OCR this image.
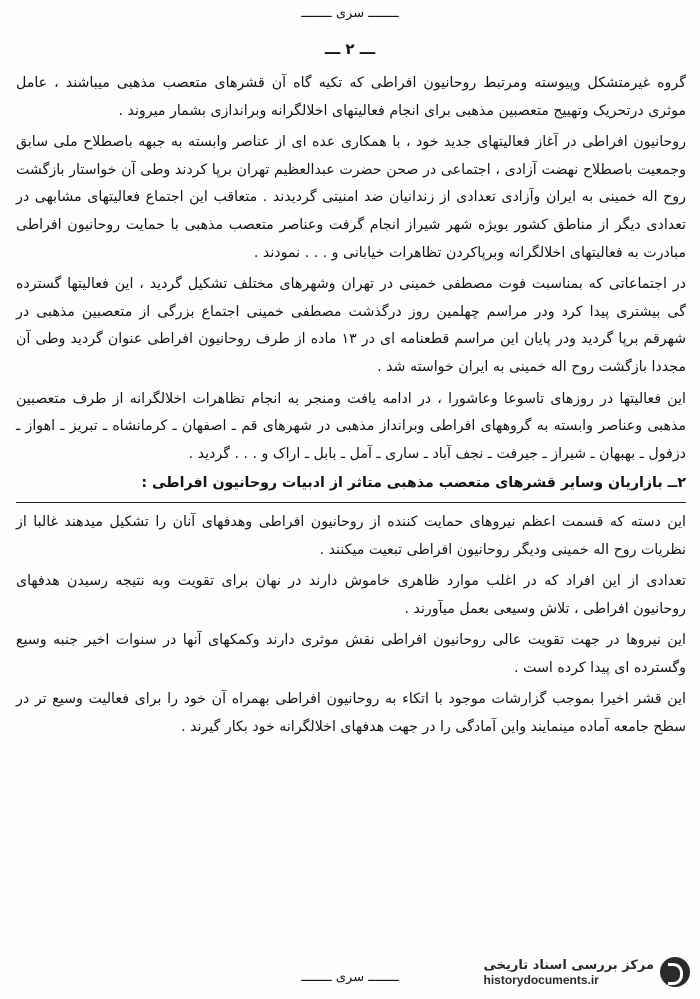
ــــــــ سری ــــــــ
ـــ ۲ ـــ

گروه غیرمتشکل وپیوسته ومرتبط روحانیون افراطی که تکیه گاه آن قشرهای متعصب مذهبی میباشند ، عامل موثری درتحریک وتهییج متعصبین مذهبی برای انجام فعالیتهای اخلالگرانه وبراندازی بشمار میروند .

روحانیون افراطی در آغاز فعالیتهای جدید خود ، با همکاری عده ای از عناصر وابسته به جبهه باصطلاح ملی سابق وجمعیت باصطلاح نهضت آزادی ، اجتماعی در صحن حضرت عبدالعظیم تهران برپا کردند وطی آن خواستار بازگشت روح اله خمینی به ایران وآزادی تعدادی از زندانیان ضد امنیتی گردیدند . متعاقب این اجتماع فعالیتهای مشابهی در تعدادی دیگر از مناطق کشور بویژه شهر شیراز انجام گرفت وعناصر متعصب مذهبی با حمایت روحانیون افراطی مبادرت به فعالیتهای اخلالگرانه وبرپاکردن تظاهرات خیابانی و . . . نمودند .

در اجتماعاتی که بمناسبت فوت مصطفی خمینی در تهران وشهرهای مختلف تشکیل گردید ، این فعالیتها گسترده گی بیشتری پیدا کرد ودر مراسم چهلمین روز درگذشت مصطفی خمینی اجتماع بزرگی از متعصبین مذهبی در شهرقم برپا گردید ودر پایان این مراسم قطعنامه ای در ۱۳ ماده از طرف روحانیون افراطی عنوان گردید وطی آن مجددا بازگشت روح اله خمینی به ایران خواسته شد .

این فعالیتها در روزهای تاسوعا وعاشورا ، در ادامه یافت ومنجر به انجام تظاهرات اخلالگرانه از طرف متعصبین مذهبی وعناصر وابسته به گروههای افراطی وبرانداز مذهبی در شهرهای قم ـ اصفهان ـ کرمانشاه ـ تبریز ـ اهواز ـ دزفول ـ بهبهان ـ شیراز ـ جیرفت ـ نجف آباد ـ ساری ـ آمل ـ بابل ـ اراک و . . . گردید .

۲ــ بازاریان وسایر قشرهای متعصب مذهبی متاثر از ادبیات روحانیون افراطی :

این دسته که قسمت اعظم نیروهای حمایت کننده از روحانیون افراطی وهدفهای آنان را تشکیل میدهند غالبا از نظریات روح اله خمینی ودیگر روحانیون افراطی تبعیت میکنند .

تعدادی از این افراد که در اغلب موارد ظاهری خاموش دارند در نهان برای تقویت وبه نتیجه رسیدن هدفهای روحانیون افراطی ، تلاش وسیعی بعمل میآورند .

این نیروها در جهت تقویت عالی روحانیون افراطی نقش موثری دارند وکمکهای آنها در سنوات اخیر جنبه وسیع وگسترده ای پیدا کرده است .

این قشر اخیرا بموجب گزارشات موجود با اتکاء به روحانیون افراطی بهمراه آن خود را برای فعالیت وسیع تر در سطح جامعه آماده مینمایند واین آمادگی را در جهت هدفهای اخلالگرانه خود بکار گیرند .

ــــــــ سری ــــــــ
مرکز بررسی اسناد تاریخی
historydocuments.ir
